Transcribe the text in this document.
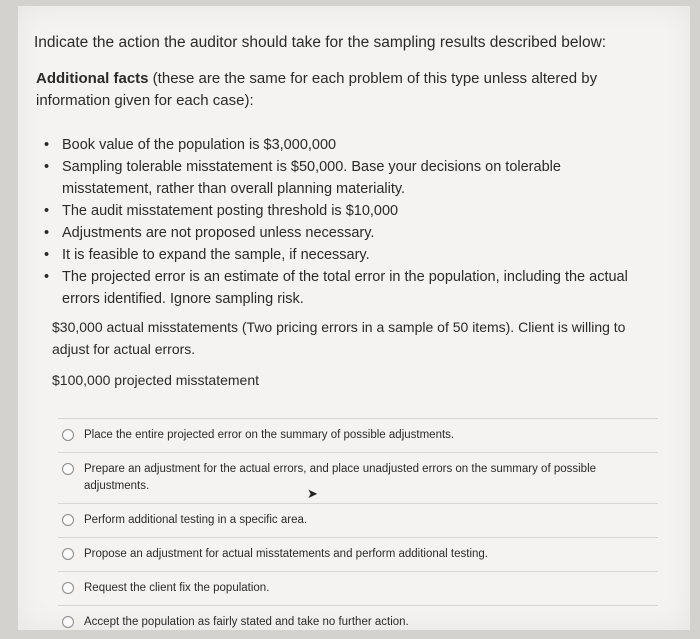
Indicate the action the auditor should take for the sampling results described below:
Additional facts (these are the same for each problem of this type unless altered by information given for each case):
• Book value of the population is $3,000,000
• Sampling tolerable misstatement is $50,000. Base your decisions on tolerable misstatement, rather than overall planning materiality.
• The audit misstatement posting threshold is $10,000
• Adjustments are not proposed unless necessary.
• It is feasible to expand the sample, if necessary.
• The projected error is an estimate of the total error in the population, including the actual errors identified. Ignore sampling risk.
$30,000 actual misstatements (Two pricing errors in a sample of 50 items). Client is willing to adjust for actual errors.
$100,000 projected misstatement
Place the entire projected error on the summary of possible adjustments.
Prepare an adjustment for the actual errors, and place unadjusted errors on the summary of possible adjustments.
Perform additional testing in a specific area.
Propose an adjustment for actual misstatements and perform additional testing.
Request the client fix the population.
Accept the population as fairly stated and take no further action.
➤
